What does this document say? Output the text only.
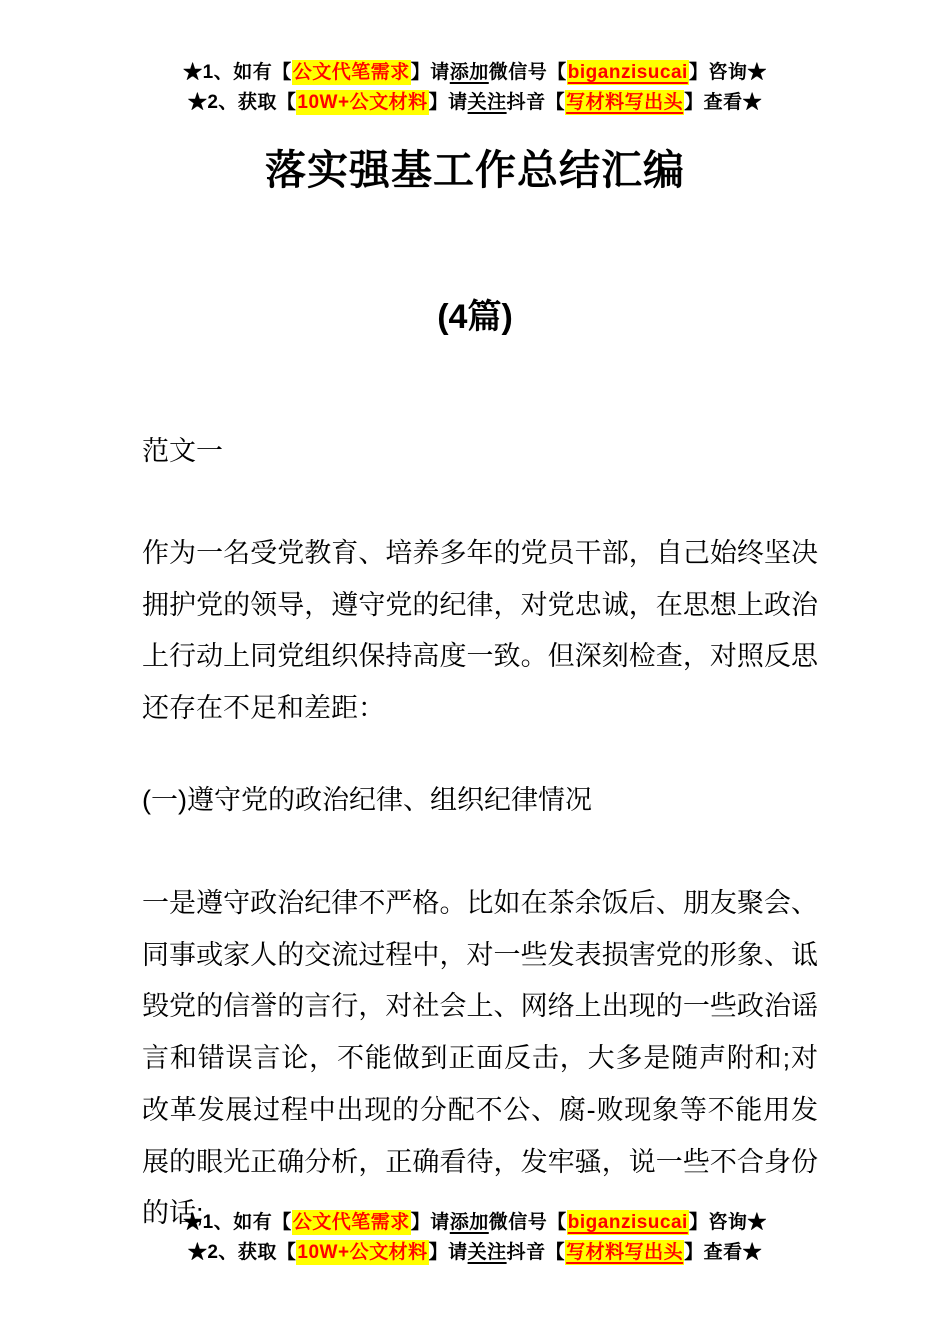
★1、如有【公文代笔需求】请添加微信号【biganzisucai】咨询★
★2、获取【10W+公文材料】请关注抖音【写材料写出头】查看★
落实强基工作总结汇编
(4篇)
范文一
作为一名受党教育、培养多年的党员干部，自己始终坚决拥护党的领导，遵守党的纪律，对党忠诚，在思想上政治上行动上同党组织保持高度一致。但深刻检查，对照反思还存在不足和差距：
(一)遵守党的政治纪律、组织纪律情况
一是遵守政治纪律不严格。比如在茶余饭后、朋友聚会、同事或家人的交流过程中，对一些发表损害党的形象、诋毁党的信誉的言行，对社会上、网络上出现的一些政治谣言和错误言论，不能做到正面反击，大多是随声附和;对改革发展过程中出现的分配不公、腐-败现象等不能用发展的眼光正确分析，正确看待，发牢骚，说一些不合身份的话;
★1、如有【公文代笔需求】请添加微信号【biganzisucai】咨询★
★2、获取【10W+公文材料】请关注抖音【写材料写出头】查看★
